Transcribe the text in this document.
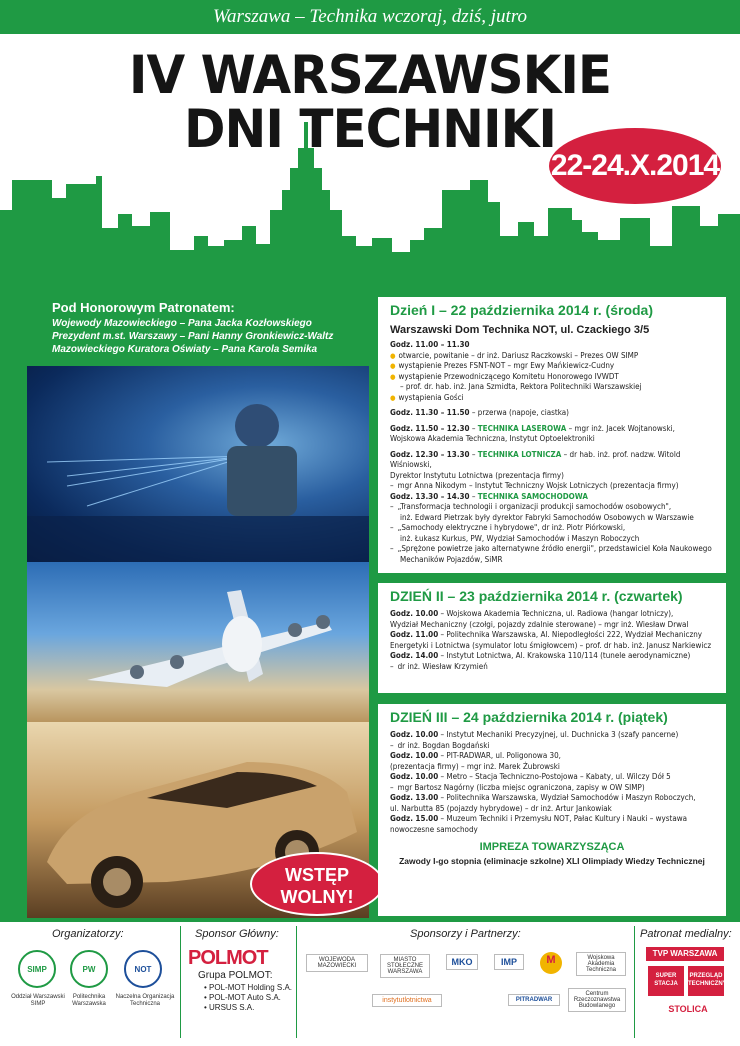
Warszawa – Technika wczoraj, dziś, jutro
IV WARSZAWSKIE
DNI TECHNIKI
22-24.X.2014
Pod Honorowym Patronatem:

Wojewody Mazowieckiego – Pana Jacka Kozłowskiego

Prezydent m.st. Warszawy – Pani Hanny Gronkiewicz-Waltz

Mazowieckiego Kuratora Oświaty – Pana Karola Semika

WSTĘP
WOLNY!
Dzień I – 22 października 2014 r. (środa)
Warszawski Dom Technika NOT, ul. Czackiego 3/5
Godz. 11.00 – 11.30
● otwarcie, powitanie – dr inż. Dariusz Raczkowski – Prezes OW SIMP
● wystąpienie Prezes FSNT-NOT – mgr Ewy Mańkiewicz-Cudny
● wystąpienie Przewodniczącego Komitetu Honorowego IVWDT
– prof. dr. hab. inż. Jana Szmidta, Rektora Politechniki Warszawskiej
● wystąpienia Gości
Godz. 11.30 – 11.50 – przerwa (napoje, ciastka)
Godz. 11.50 – 12.30 – TECHNIKA LASEROWA – mgr inż. Jacek Wojtanowski,
Wojskowa Akademia Techniczna, Instytut Optoelektroniki
Godz. 12.30 – 13.30 – TECHNIKA LOTNICZA – dr hab. inż. prof. nadzw. Witold Wiśniowski,
Dyrektor Instytutu Lotnictwa (prezentacja firmy)
– mgr Anna Nikodym – Instytut Techniczny Wojsk Lotniczych (prezentacja firmy)
Godz. 13.30 – 14.30 – TECHNIKA SAMOCHODOWA
– „Transformacja technologii i organizacji produkcji samochodów osobowych",
inż. Edward Pietrzak były dyrektor Fabryki Samochodów Osobowych w Warszawie
– „Samochody elektryczne i hybrydowe", dr inż. Piotr Piórkowski,
inż. Łukasz Kurkus, PW, Wydział Samochodów i Maszyn Roboczych
– „Sprężone powietrze jako alternatywne źródło energii", przedstawiciel Koła Naukowego
Mechaników Pojazdów, SiMR
DZIEŃ II – 23 października 2014 r. (czwartek)
Godz. 10.00 – Wojskowa Akademia Techniczna, ul. Radiowa (hangar lotniczy),
Wydział Mechaniczny (czołgi, pojazdy zdalnie sterowane) – mgr inż. Wiesław Drwal
Godz. 11.00 – Politechnika Warszawska, Al. Niepodległości 222, Wydział Mechaniczny
Energetyki i Lotnictwa (symulator lotu śmigłowcem) – prof. dr hab. inż. Janusz Narkiewicz
Godz. 14.00 – Instytut Lotnictwa, Al. Krakowska 110/114 (tunele aerodynamiczne)
– dr inż. Wiesław Krzymień
DZIEŃ III – 24 października 2014 r. (piątek)
Godz. 10.00 – Instytut Mechaniki Precyzyjnej, ul. Duchnicka 3 (szafy pancerne)
– dr inż. Bogdan Bogdański
Godz. 10.00 – PIT-RADWAR, ul. Poligonowa 30,
(prezentacja firmy) – mgr inż. Marek Żubrowski
Godz. 10.00 – Metro – Stacja Techniczno-Postojowa – Kabaty, ul. Wilczy Dół 5
– mgr Bartosz Nagórny (liczba miejsc ograniczona, zapisy w OW SIMP)
Godz. 13.00 – Politechnika Warszawska, Wydział Samochodów i Maszyn Roboczych,
ul. Narbutta 85 (pojazdy hybrydowe) – dr inż. Artur Jankowiak
Godz. 15.00 – Muzeum Techniki i Przemysłu NOT, Pałac Kultury i Nauki – wystawa
nowoczesne samochody
IMPREZA TOWARZYSZĄCA
Zawody I-go stopnia (eliminacje szkolne) XLI Olimpiady Wiedzy Technicznej
Organizatorzy:
SIMP
Oddział Warszawski SIMP
PW
Politechnika Warszawska
NOT
Naczelna Organizacja Techniczna
Sponsor Główny:
POLMOT
Grupa POLMOT:
• POL-MOT Holding S.A.
• POL-MOT Auto S.A.
• URSUS S.A.
Sponsorzy i Partnerzy:
WOJEWODA MAZOWIECKI
MIASTO STOŁECZNE WARSZAWA
MKO	IMP	M	Wojskowa Akademia Techniczna
instytutlotnictwa	PITRADWAR
Centrum Rzeczoznawstwa Budowlanego
Patronat medialny:
TVP WARSZAWA
SUPER STACJA
PRZEGLĄD TECHNICZNY
STOLICA
